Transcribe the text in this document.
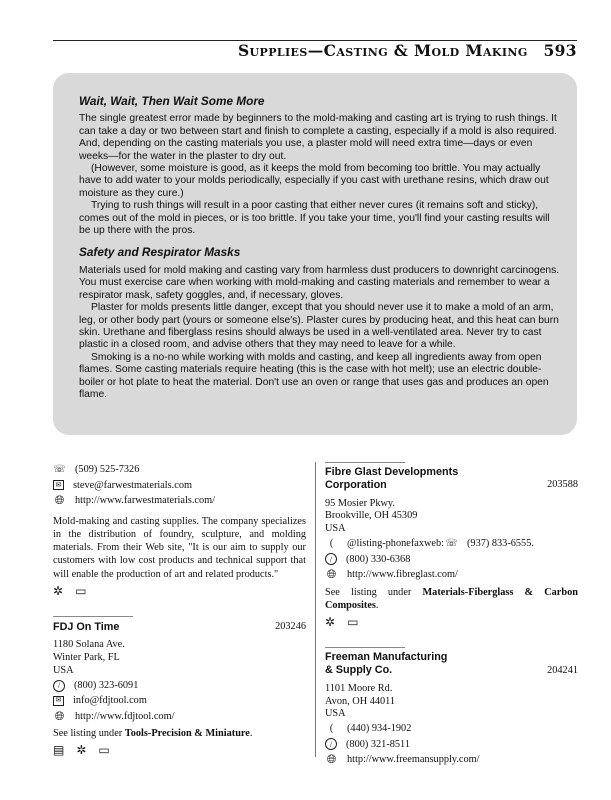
Supplies—Casting & Mold Making 593
Wait, Wait, Then Wait Some More

The single greatest error made by beginners to the mold-making and casting art is trying to rush things. It can take a day or two between start and finish to complete a casting, especially if a mold is also required. And, depending on the casting materials you use, a plaster mold will need extra time—days or even weeks—for the water in the plaster to dry out.

(However, some moisture is good, as it keeps the mold from becoming too brittle. You may actually have to add water to your molds periodically, especially if you cast with urethane resins, which draw out moisture as they cure.)

Trying to rush things will result in a poor casting that either never cures (it remains soft and sticky), comes out of the mold in pieces, or is too brittle. If you take your time, you'll find your casting results will be up there with the pros.

Safety and Respirator Masks

Materials used for mold making and casting vary from harmless dust producers to downright carcinogens. You must exercise care when working with mold-making and casting materials and remember to wear a respirator mask, safety goggles, and, if necessary, gloves.

Plaster for molds presents little danger, except that you should never use it to make a mold of an arm, leg, or other body part (yours or someone else's). Plaster cures by producing heat, and this heat can burn skin. Urethane and fiberglass resins should always be used in a well-ventilated area. Never try to cast plastic in a closed room, and advise others that they may need to leave for a while.

Smoking is a no-no while working with molds and casting, and keep all ingredients away from open flames. Some casting materials require heating (this is the case with hot melt); use an electric double-boiler or hot plate to heat the material. Don't use an oven or range that uses gas and produces an open flame.

☏ (509) 525-7326
✉ steve@farwestmaterials.com
🌐︎ http://www.farwestmaterials.com/
Mold-making and casting supplies. The company specializes in the distribution of foundry, sculpture, and molding materials. From their Web site, "It is our aim to supply our customers with low cost products and technical support that will enable the production of art and related products."
✲ ▭
FDJ On Time	203246
1180 Solana Ave.
Winter Park, FL
USA
/	(800) 323-6091
✉ info@fdjtool.com
🌐︎ http://www.fdjtool.com/
See listing under Tools-Precision & Miniature.
▤ ✲ ▭
Fibre Glast Developments
Corporation	203588
95 Mosier Pkwy.
Brookville, OH 45309
USA
(	@listing-phonefaxweb: ☏ (937) 833-6555.
/	(800) 330-6368
🌐︎ http://www.fibreglast.com/
See listing under Materials-Fiberglass & Carbon Composites.
✲ ▭
Freeman Manufacturing
& Supply Co.	204241
1101 Moore Rd.
Avon, OH 44011
USA
(	(440) 934-1902
/	(800) 321-8511
🌐︎ http://www.freemansupply.com/
